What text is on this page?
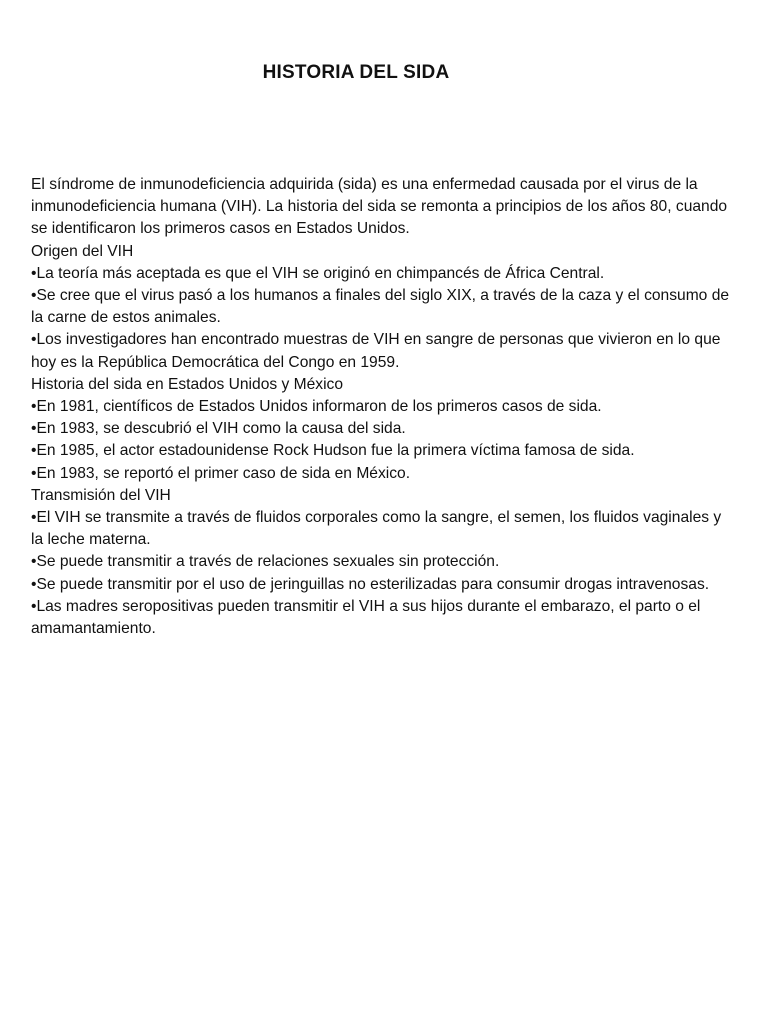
HISTORIA DEL SIDA

El síndrome de inmunodeficiencia adquirida (sida) es una enfermedad causada por el virus de la inmunodeficiencia humana (VIH). La historia del sida se remonta a principios de los años 80, cuando se identificaron los primeros casos en Estados Unidos.

Origen del VIH

•La teoría más aceptada es que el VIH se originó en chimpancés de África Central.

•Se cree que el virus pasó a los humanos a finales del siglo XIX, a través de la caza y el consumo de la carne de estos animales.

•Los investigadores han encontrado muestras de VIH en sangre de personas que vivieron en lo que hoy es la República Democrática del Congo en 1959.

Historia del sida en Estados Unidos y México

•En 1981, científicos de Estados Unidos informaron de los primeros casos de sida.

•En 1983, se descubrió el VIH como la causa del sida.

•En 1985, el actor estadounidense Rock Hudson fue la primera víctima famosa de sida.

•En 1983, se reportó el primer caso de sida en México.

Transmisión del VIH

•El VIH se transmite a través de fluidos corporales como la sangre, el semen, los fluidos vaginales y la leche materna.

•Se puede transmitir a través de relaciones sexuales sin protección.

•Se puede transmitir por el uso de jeringuillas no esterilizadas para consumir drogas intravenosas.

•Las madres seropositivas pueden transmitir el VIH a sus hijos durante el embarazo, el parto o el amamantamiento.
